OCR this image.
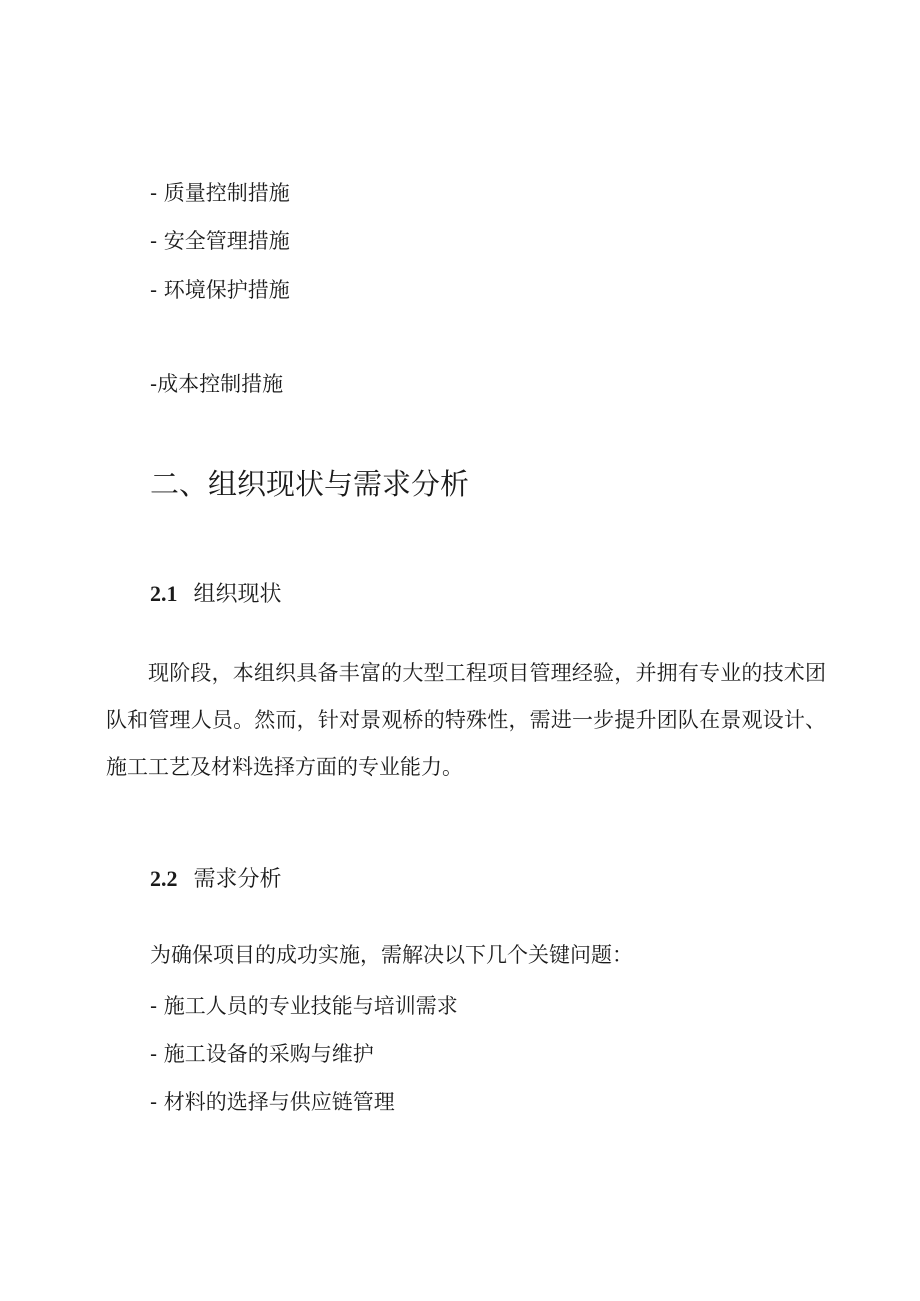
- 质量控制措施
- 安全管理措施
- 环境保护措施
-成本控制措施
二、组织现状与需求分析
2.1 组织现状
现阶段，本组织具备丰富的大型工程项目管理经验，并拥有专业的技术团队和管理人员。然而，针对景观桥的特殊性，需进一步提升团队在景观设计、施工工艺及材料选择方面的专业能力。
2.2 需求分析
为确保项目的成功实施，需解决以下几个关键问题：
- 施工人员的专业技能与培训需求
- 施工设备的采购与维护
- 材料的选择与供应链管理
